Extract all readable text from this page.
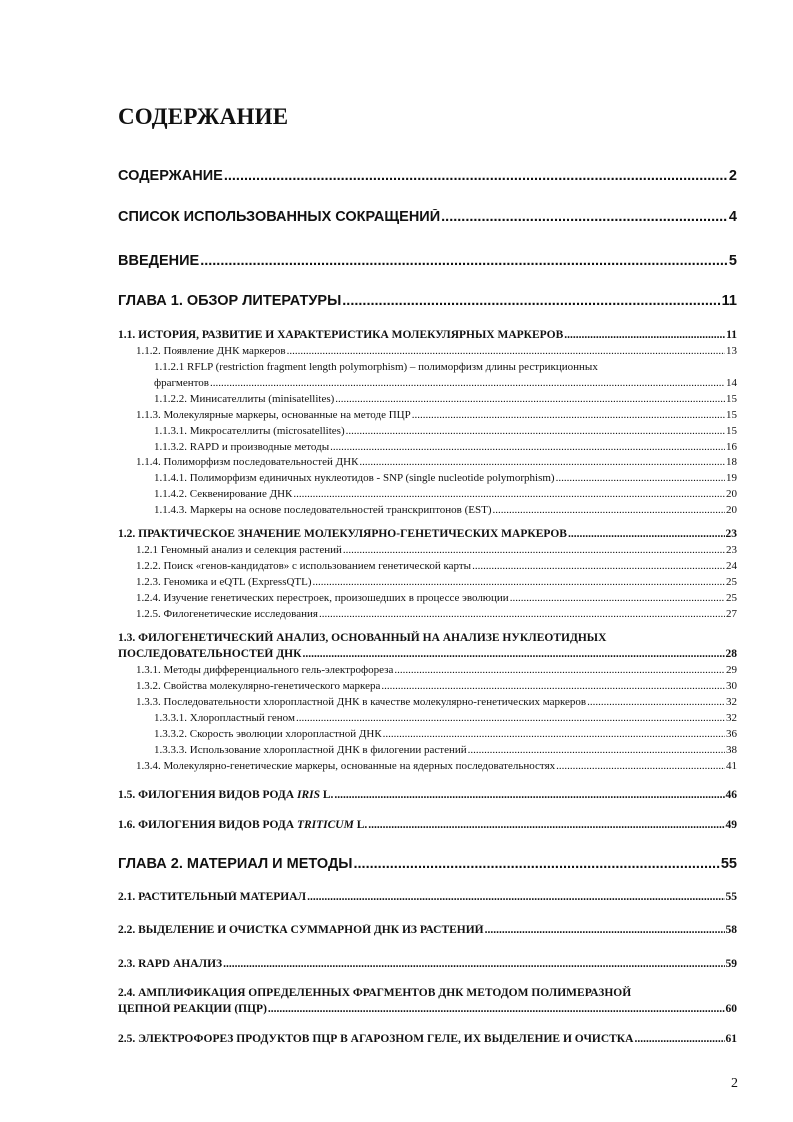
СОДЕРЖАНИЕ
СОДЕРЖАНИЕ .....	2
СПИСОК ИСПОЛЬЗОВАННЫХ СОКРАЩЕНИЙ .....	4
ВВЕДЕНИЕ .....	5
ГЛАВА 1. ОБЗОР ЛИТЕРАТУРЫ .....	11
1.1. ИСТОРИЯ, РАЗВИТИЕ И ХАРАКТЕРИСТИКА МОЛЕКУЛЯРНЫХ МАРКЕРОВ .....	11
1.1.2. Появление ДНК маркеров .....	13
1.1.2.1 RFLP (restriction fragment length polymorphism) – полиморфизм длины рестрикционных
фрагментов .....	14
1.1.2.2. Минисателлиты (minisatellites) .....	15
1.1.3. Молекулярные маркеры, основанные на методе ПЦР .....	15
1.1.3.1. Микросателлиты (microsatellites) .....	15
1.1.3.2. RAPD и производные методы .....	16
1.1.4. Полиморфизм последовательностей ДНК .....	18
1.1.4.1. Полиморфизм единичных нуклеотидов - SNP (single nucleotide polymorphism) .....	19
1.1.4.2. Секвенирование ДНК .....	20
1.1.4.3. Маркеры на основе последовательностей транскриптонов (EST) .....	20
1.2. ПРАКТИЧЕСКОЕ ЗНАЧЕНИЕ МОЛЕКУЛЯРНО-ГЕНЕТИЧЕСКИХ МАРКЕРОВ .....	23
1.2.1 Геномный анализ и селекция растений .....	23
1.2.2. Поиск «генов-кандидатов» с использованием генетической карты .....	24
1.2.3. Геномика и eQTL (ExpressQTL) .....	25
1.2.4. Изучение генетических перестроек, произошедших в процессе эволюции .....	25
1.2.5. Филогенетические исследования .....	27
1.3. ФИЛОГЕНЕТИЧЕСКИЙ АНАЛИЗ, ОСНОВАННЫЙ НА АНАЛИЗЕ НУКЛЕОТИДНЫХ
ПОСЛЕДОВАТЕЛЬНОСТЕЙ ДНК .....	28
1.3.1. Методы дифференциального гель-электрофореза .....	29
1.3.2. Свойства молекулярно-генетического маркера .....	30
1.3.3. Последовательности хлоропластной ДНК в качестве молекулярно-генетических маркеров .....	32
1.3.3.1. Хлоропластный геном .....	32
1.3.3.2. Скорость эволюции хлоропластной ДНК .....	36
1.3.3.3. Использование хлоропластной ДНК в филогении растений .....	38
1.3.4. Молекулярно-генетические маркеры, основанные на ядерных последовательностях .....	41
1.5. ФИЛОГЕНИЯ ВИДОВ РОДА IRIS L. .....	46
1.6. ФИЛОГЕНИЯ ВИДОВ РОДА TRITICUM L. .....	49
ГЛАВА 2. МАТЕРИАЛ И МЕТОДЫ .....	55
2.1. РАСТИТЕЛЬНЫЙ МАТЕРИАЛ .....	55
2.2. ВЫДЕЛЕНИЕ И ОЧИСТКА СУММАРНОЙ ДНК ИЗ РАСТЕНИЙ .....	58
2.3. RAPD АНАЛИЗ .....	59
2.4. АМПЛИФИКАЦИЯ ОПРЕДЕЛЕННЫХ ФРАГМЕНТОВ ДНК МЕТОДОМ ПОЛИМЕРАЗНОЙ
ЦЕПНОЙ РЕАКЦИИ (ПЦР) .....	60
2.5. ЭЛЕКТРОФОРЕЗ ПРОДУКТОВ ПЦР В АГАРОЗНОМ ГЕЛЕ, ИХ ВЫДЕЛЕНИЕ И ОЧИСТКА .....	61
2
